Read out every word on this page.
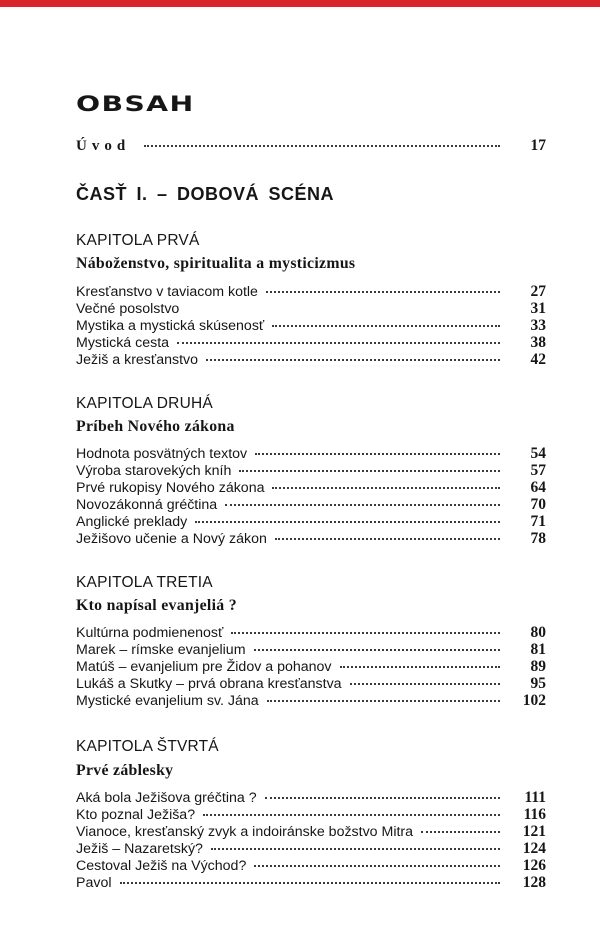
OBSAH
Úvod	17
ČASŤ I. – DOBOVÁ SCÉNA
KAPITOLA PRVÁ
Náboženstvo, spiritualita a mysticizmus
Kresťanstvo v taviacom kotle	27
Večné posolstvo	31
Mystika a mystická skúsenosť	33
Mystická cesta	38
Ježiš a kresťanstvo	42
KAPITOLA DRUHÁ
Príbeh Nového zákona
Hodnota posvätných textov	54
Výroba starovekých kníh	57
Prvé rukopisy Nového zákona	64
Novozákonná gréčtina	70
Anglické preklady	71
Ježišovo učenie a Nový zákon	78
KAPITOLA TRETIA
Kto napísal evanjeliá ?
Kultúrna podmienenosť	80
Marek – rímske evanjelium	81
Matúš – evanjelium pre Židov a pohanov	89
Lukáš a Skutky – prvá obrana kresťanstva	95
Mystické evanjelium sv. Jána	102
KAPITOLA ŠTVRTÁ
Prvé záblesky
Aká bola Ježišova gréčtina ?	111
Kto poznal Ježiša?	116
Vianoce, kresťanský zvyk a indoiránske božstvo Mitra	121
Ježiš – Nazaretský?	124
Cestoval Ježiš na Východ?	126
Pavol	128
